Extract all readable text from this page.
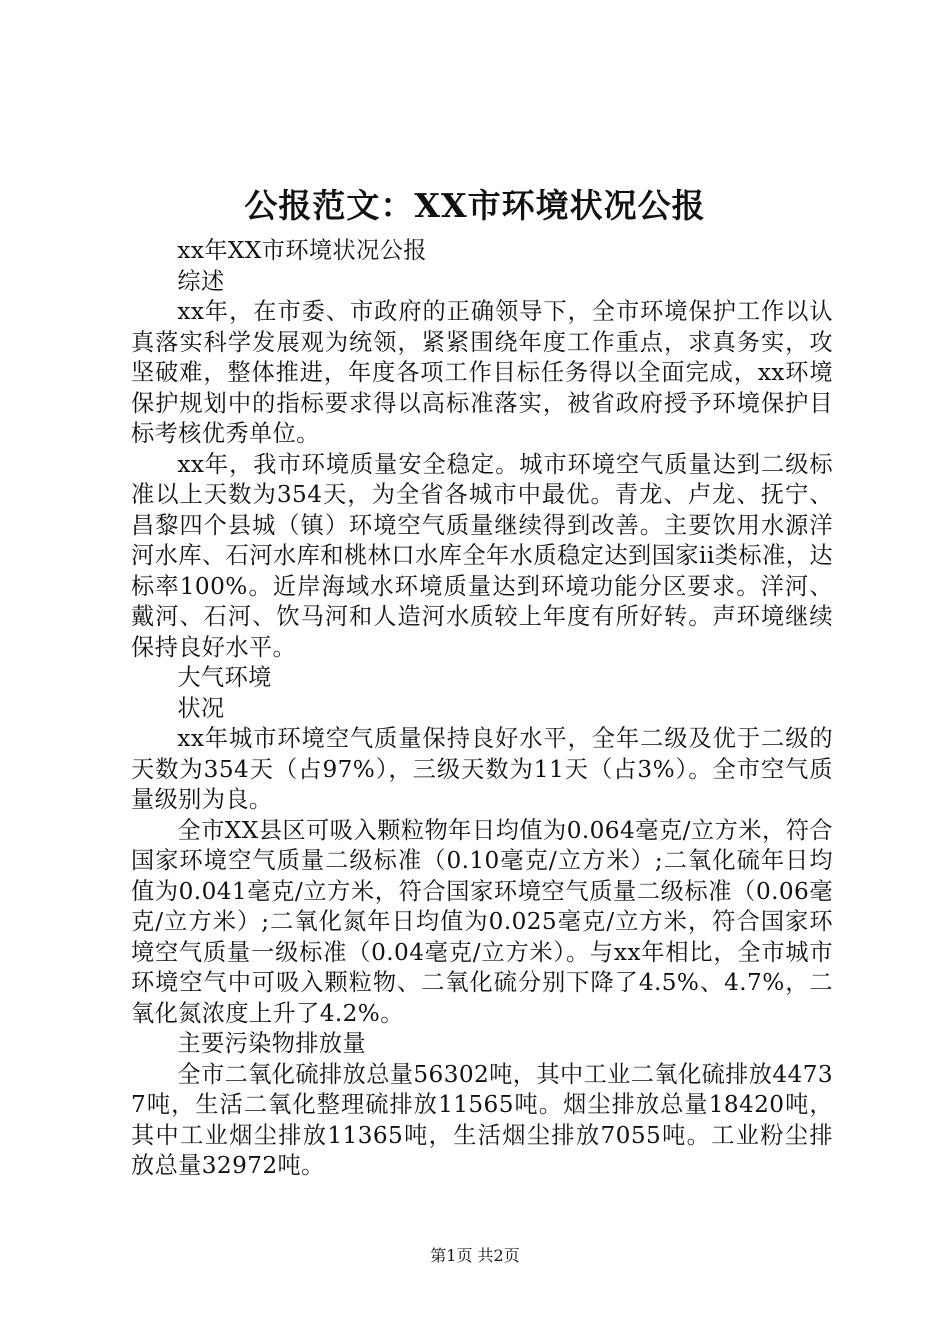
公报范文：XX市环境状况公报

xx年XX市环境状况公报

综述

xx年，在市委、市政府的正确领导下，全市环境保护工作以认真落实科学发展观为统领，紧紧围绕年度工作重点，求真务实，攻坚破难，整体推进，年度各项工作目标任务得以全面完成，xx环境保护规划中的指标要求得以高标准落实，被省政府授予环境保护目标考核优秀单位。

xx年，我市环境质量安全稳定。城市环境空气质量达到二级标准以上天数为354天，为全省各城市中最优。青龙、卢龙、抚宁、昌黎四个县城（镇）环境空气质量继续得到改善。主要饮用水源洋河水库、石河水库和桃林口水库全年水质稳定达到国家ii类标准，达标率100%。近岸海域水环境质量达到环境功能分区要求。洋河、戴河、石河、饮马河和人造河水质较上年度有所好转。声环境继续保持良好水平。

大气环境

状况

xx年城市环境空气质量保持良好水平，全年二级及优于二级的天数为354天（占97%），三级天数为11天（占3%）。全市空气质量级别为良。

全市XX县区可吸入颗粒物年日均值为0.064毫克/立方米，符合国家环境空气质量二级标准（0.10毫克/立方米）;二氧化硫年日均值为0.041毫克/立方米，符合国家环境空气质量二级标准（0.06毫克/立方米）;二氧化氮年日均值为0.025毫克/立方米，符合国家环境空气质量一级标准（0.04毫克/立方米）。与xx年相比，全市城市环境空气中可吸入颗粒物、二氧化硫分别下降了4.5%、4.7%，二氧化氮浓度上升了4.2%。

主要污染物排放量

全市二氧化硫排放总量56302吨，其中工业二氧化硫排放44737吨，生活二氧化整理硫排放11565吨。烟尘排放总量18420吨，其中工业烟尘排放11365吨，生活烟尘排放7055吨。工业粉尘排放总量32972吨。

第1页 共2页
